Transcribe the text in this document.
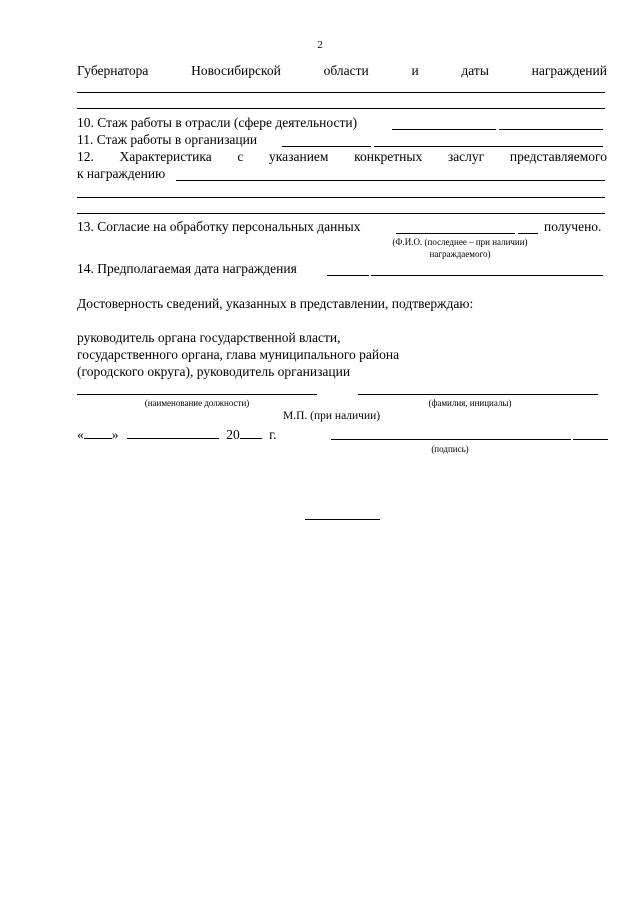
2
Губернатора	Новосибирской	области	и	даты	награждений
10. Стаж работы в отрасли (сфере деятельности)
11. Стаж работы в организации
12. Характеристика с указанием конкретных заслуг представляемого
к награждению
13. Согласие на обработку персональных данных	получено.
(Ф.И.О. (последнее – при наличии)
награждаемого)
14. Предполагаемая дата награждения
Достоверность сведений, указанных в представлении, подтверждаю:
руководитель органа государственной власти,
государственного органа, глава муниципального района
(городского округа), руководитель организации
(наименование должности)	(фамилия, инициалы)
М.П. (при наличии)
« »	20 г.
(подпись)
